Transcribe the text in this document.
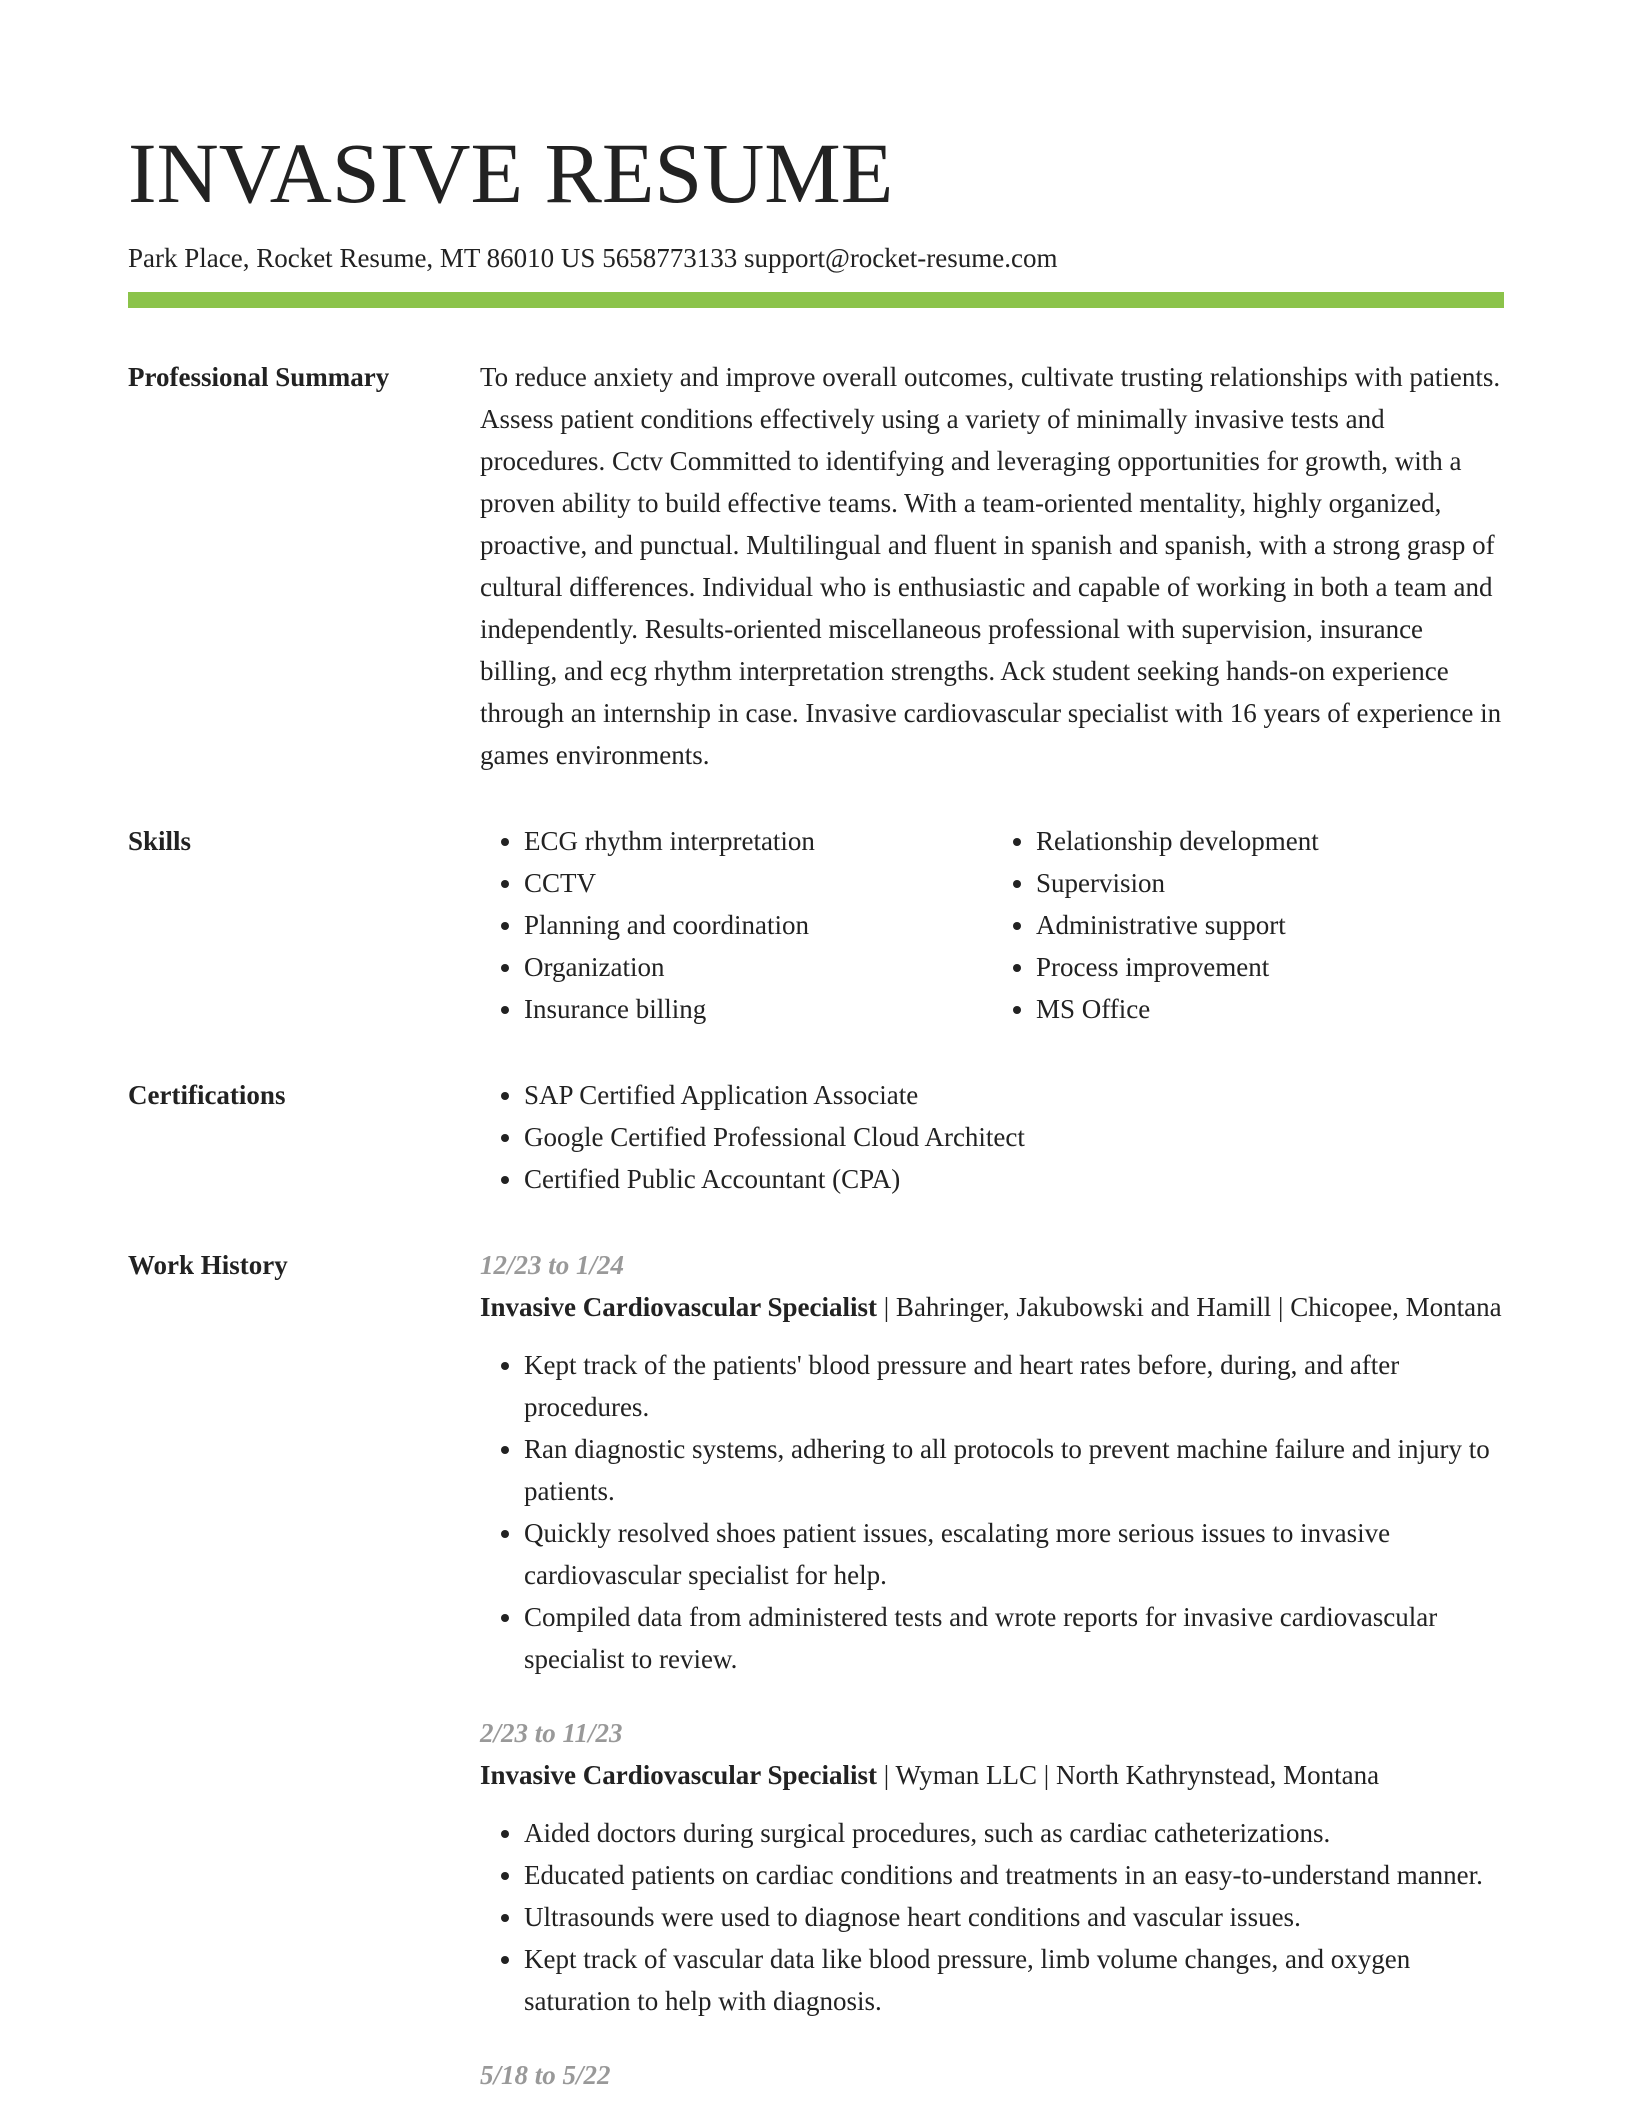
INVASIVE RESUME
Park Place, Rocket Resume, MT 86010 US 5658773133 support@rocket-resume.com
Professional Summary	To reduce anxiety and improve overall outcomes, cultivate trusting relationships with patients. Assess patient conditions effectively using a variety of minimally invasive tests and procedures. Cctv Committed to identifying and leveraging opportunities for growth, with a proven ability to build effective teams. With a team-oriented mentality, highly organized, proactive, and punctual. Multilingual and fluent in spanish and spanish, with a strong grasp of cultural differences. Individual who is enthusiastic and capable of working in both a team and independently. Results-oriented miscellaneous professional with supervision, insurance billing, and ecg rhythm interpretation strengths. Ack student seeking hands-on experience through an internship in case. Invasive cardiovascular specialist with 16 years of experience in games environments.

Skills	• ECG rhythm interpretation
• CCTV
• Planning and coordination
• Organization
• Insurance billing
• Relationship development
• Supervision
• Administrative support
• Process improvement
• MS Office
Certifications	• SAP Certified Application Associate
• Google Certified Professional Cloud Architect
• Certified Public Accountant (CPA)
Work History	12/23 to 1/24
Invasive Cardiovascular Specialist | Bahringer, Jakubowski and Hamill | Chicopee, Montana
• Kept track of the patients' blood pressure and heart rates before, during, and after procedures.
• Ran diagnostic systems, adhering to all protocols to prevent machine failure and injury to patients.
• Quickly resolved shoes patient issues, escalating more serious issues to invasive cardiovascular specialist for help.
• Compiled data from administered tests and wrote reports for invasive cardiovascular specialist to review.
2/23 to 11/23
Invasive Cardiovascular Specialist | Wyman LLC | North Kathrynstead, Montana
• Aided doctors during surgical procedures, such as cardiac catheterizations.
• Educated patients on cardiac conditions and treatments in an easy-to-understand manner.
• Ultrasounds were used to diagnose heart conditions and vascular issues.
• Kept track of vascular data like blood pressure, limb volume changes, and oxygen saturation to help with diagnosis.
5/18 to 5/22
